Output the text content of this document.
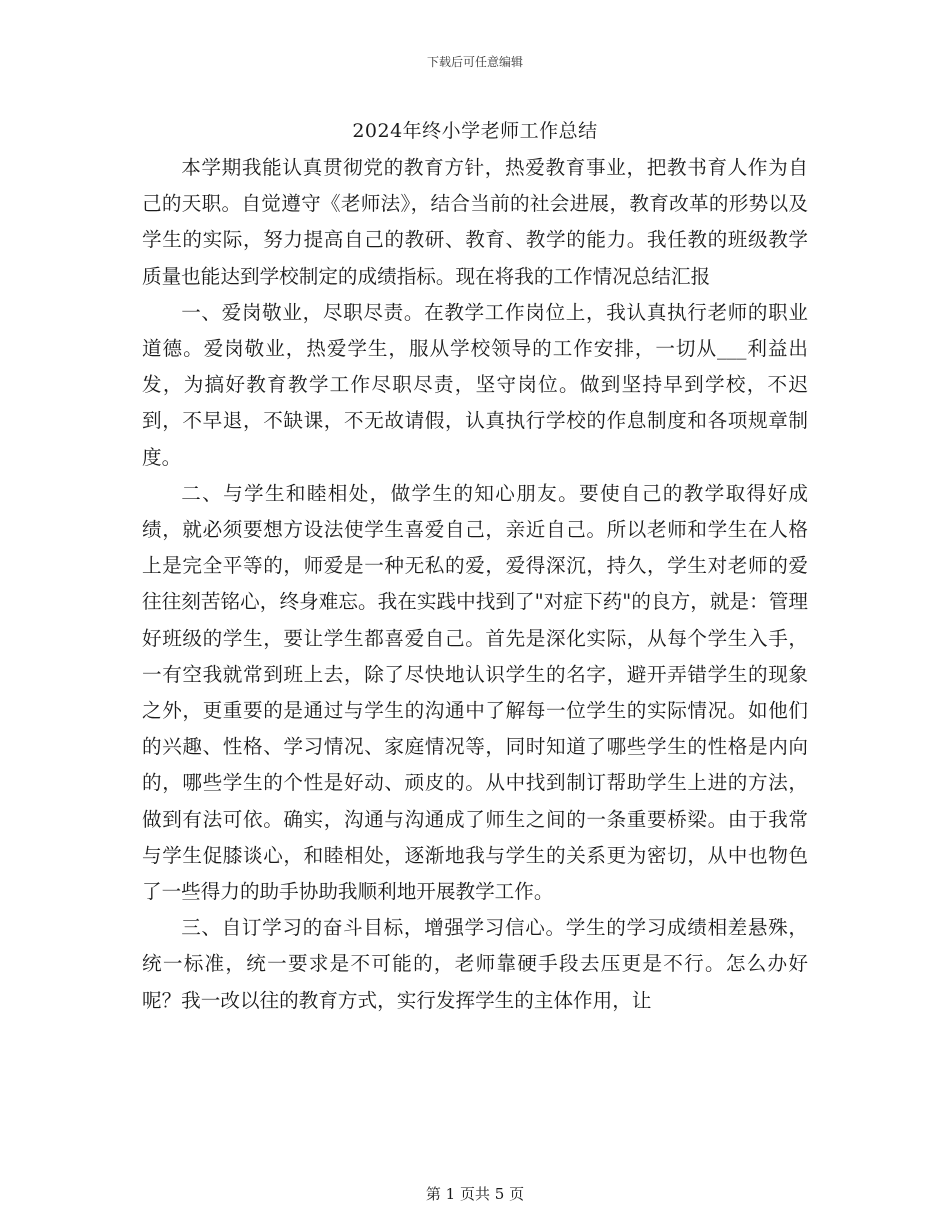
下载后可任意编辑
2024年终小学老师工作总结

本学期我能认真贯彻党的教育方针，热爱教育事业，把教书育人作为自己的天职。自觉遵守《老师法》，结合当前的社会进展，教育改革的形势以及学生的实际，努力提高自己的教研、教育、教学的能力。我任教的班级教学质量也能达到学校制定的成绩指标。现在将我的工作情况总结汇报

一、爱岗敬业，尽职尽责。在教学工作岗位上，我认真执行老师的职业道德。爱岗敬业，热爱学生，服从学校领导的工作安排，一切从___利益出发，为搞好教育教学工作尽职尽责，坚守岗位。做到坚持早到学校，不迟到，不早退，不缺课，不无故请假，认真执行学校的作息制度和各项规章制度。

二、与学生和睦相处，做学生的知心朋友。要使自己的教学取得好成绩，就必须要想方设法使学生喜爱自己，亲近自己。所以老师和学生在人格上是完全平等的，师爱是一种无私的爱，爱得深沉，持久，学生对老师的爱往往刻苦铭心，终身难忘。我在实践中找到了"对症下药"的良方，就是：管理好班级的学生，要让学生都喜爱自己。首先是深化实际，从每个学生入手，一有空我就常到班上去，除了尽快地认识学生的名字，避开弄错学生的现象之外，更重要的是通过与学生的沟通中了解每一位学生的实际情况。如他们的兴趣、性格、学习情况、家庭情况等，同时知道了哪些学生的性格是内向的，哪些学生的个性是好动、顽皮的。从中找到制订帮助学生上进的方法，做到有法可依。确实，沟通与沟通成了师生之间的一条重要桥梁。由于我常与学生促膝谈心，和睦相处，逐渐地我与学生的关系更为密切，从中也物色了一些得力的助手协助我顺利地开展教学工作。

三、自订学习的奋斗目标，增强学习信心。学生的学习成绩相差悬殊，统一标准，统一要求是不可能的，老师靠硬手段去压更是不行。怎么办好呢？我一改以往的教育方式，实行发挥学生的主体作用，让

第 1 页共 5 页
